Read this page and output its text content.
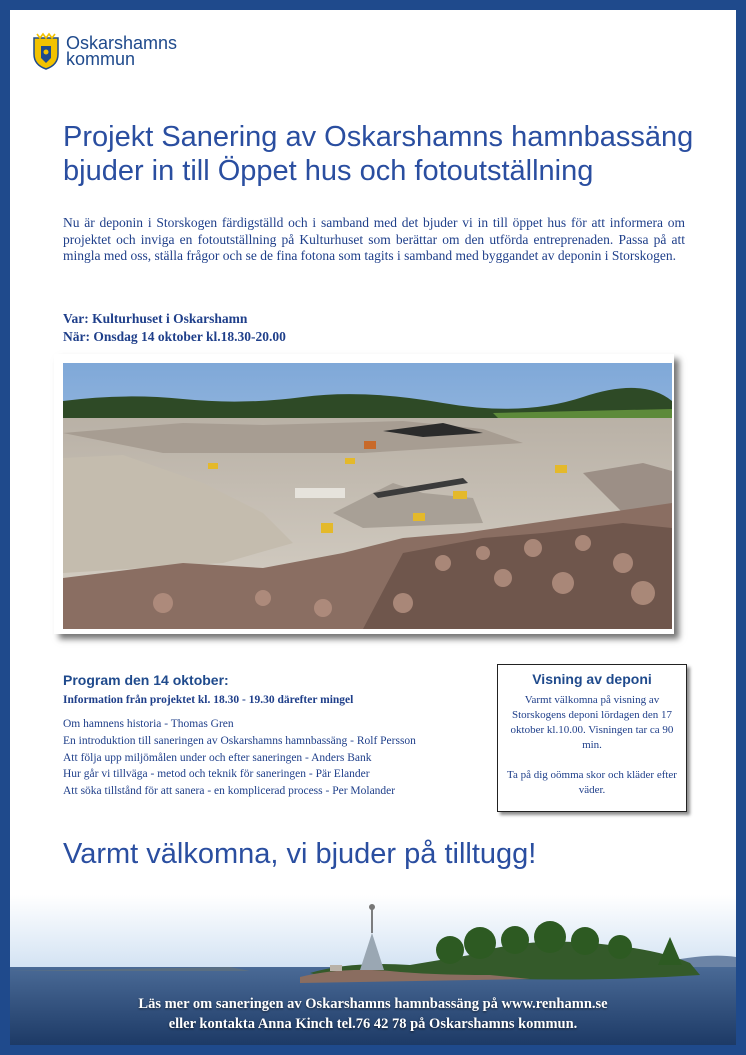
Oskarshamns
kommun
Projekt Sanering av Oskarshamns hamnbassäng
bjuder in till Öppet hus och fotoutställning

Nu är deponin i Storskogen färdigställd och i samband med det bjuder vi in till öppet hus för att informera om projektet och inviga en fotoutställning på Kulturhuset som berättar om den utförda entreprenaden. Passa på att mingla med oss, ställa frågor och se de fina fotona som tagits i samband med byggandet av deponin i Storskogen.

Var: Kulturhuset i Oskarshamn
När: Onsdag 14 oktober kl.18.30-20.00
Program den 14 oktober:
Information från projektet kl. 18.30 - 19.30 därefter mingel
Om hamnens historia - Thomas Gren
En introduktion till saneringen av Oskarshamns hamnbassäng - Rolf Persson
Att följa upp miljömålen under och efter saneringen - Anders Bank
Hur går vi tillväga - metod och teknik för saneringen - Pär Elander
Att söka tillstånd för att sanera - en komplicerad process - Per Molander
Visning av deponi

Varmt välkomna på visning av Storskogens deponi lördagen den 17 oktober kl.10.00. Visningen tar ca 90 min.

Ta på dig oömma skor och kläder efter väder.

Varmt välkomna, vi bjuder på tilltugg!
Läs mer om saneringen av Oskarshamns hamnbassäng på www.renhamn.se
eller kontakta Anna Kinch tel.76 42 78 på Oskarshamns kommun.
